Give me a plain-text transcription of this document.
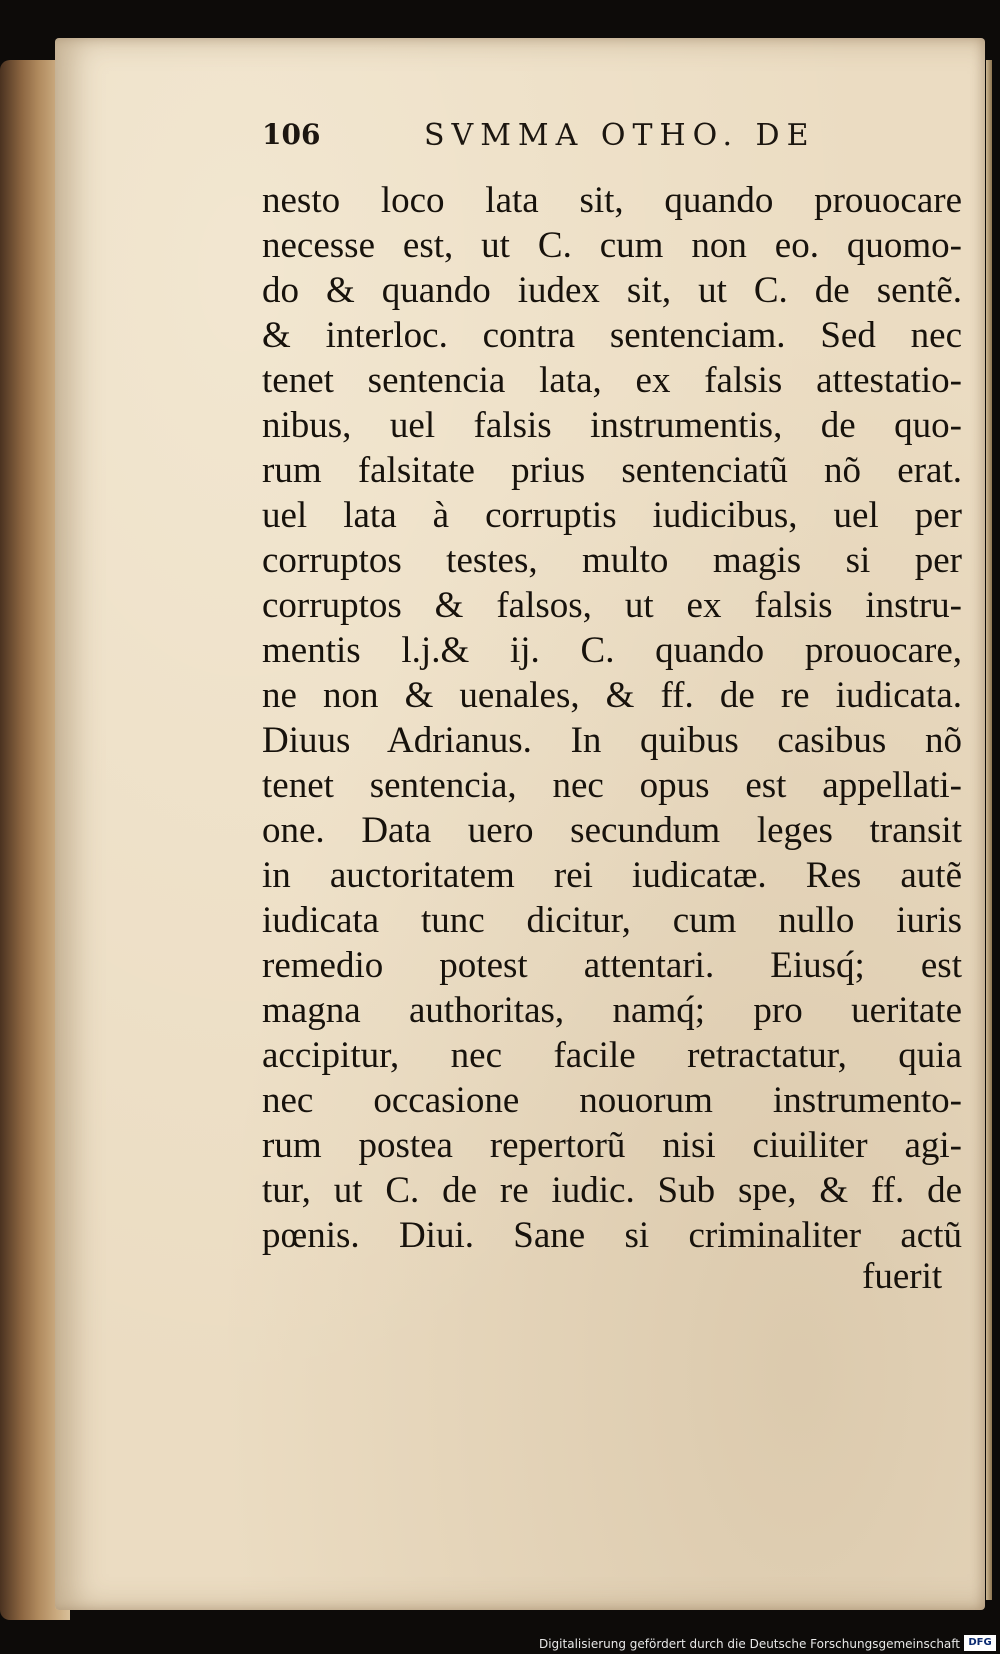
106	SVMMA OTHO. DE
nesto loco lata sit, quando prouocare
necesse est, ut C. cum non eo. quomo-
do & quando iudex sit, ut C. de sentẽ.
& interloc. contra sentenciam. Sed nec
tenet sentencia lata, ex falsis attestatio-
nibus, uel falsis instrumentis, de quo-
rum falsitate prius sentenciatũ nõ erat.
uel lata à corruptis iudicibus, uel per
corruptos testes, multo magis si per
corruptos & falsos, ut ex falsis instru-
mentis l.j.& ij. C. quando prouocare,
ne non & uenales, & ff. de re iudicata.
Diuus Adrianus. In quibus casibus nõ
tenet sentencia, nec opus est appellati-
one. Data uero secundum leges transit
in auctoritatem rei iudicatæ. Res autẽ
iudicata tunc dicitur, cum nullo iuris
remedio potest attentari. Eiusq́; est
magna authoritas, namq́; pro ueritate
accipitur, nec facile retractatur, quia
nec occasione nouorum instrumento-
rum postea repertorũ nisi ciuiliter agi-
tur, ut C. de re iudic. Sub spe, & ff. de
pœnis. Diui. Sane si criminaliter actũ
fuerit
Digitalisierung gefördert durch die Deutsche Forschungsgemeinschaft DFG
